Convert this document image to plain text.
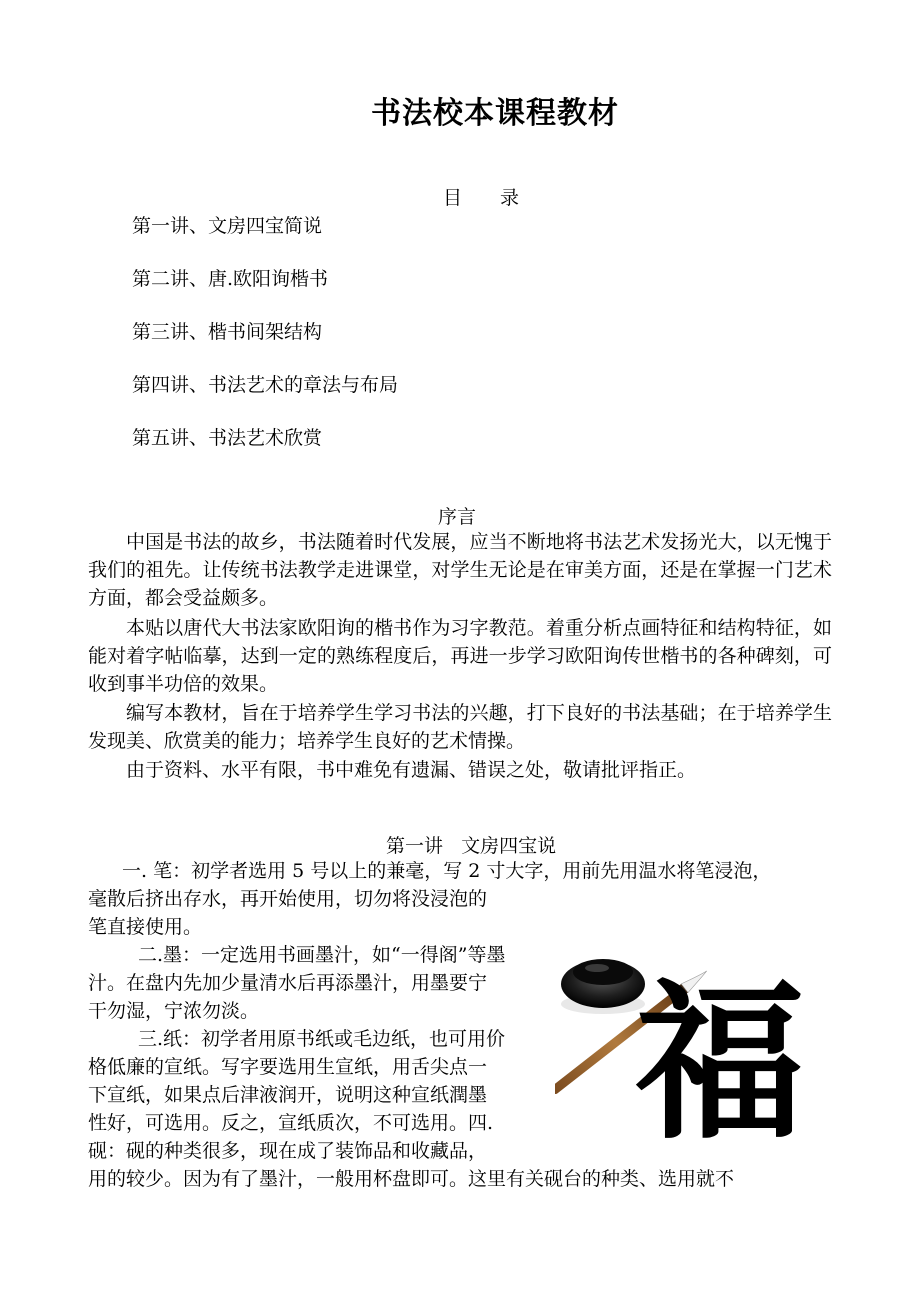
书法校本课程教材
目 录
第一讲、文房四宝简说
第二讲、唐.欧阳询楷书
第三讲、楷书间架结构
第四讲、书法艺术的章法与布局
第五讲、书法艺术欣赏
序言

中国是书法的故乡，书法随着时代发展，应当不断地将书法艺术发扬光大，以无愧于我们的祖先。让传统书法教学走进课堂，对学生无论是在审美方面，还是在掌握一门艺术方面，都会受益颇多。

本贴以唐代大书法家欧阳询的楷书作为习字教范。着重分析点画特征和结构特征，如能对着字帖临摹，达到一定的熟练程度后，再进一步学习欧阳询传世楷书的各种碑刻，可收到事半功倍的效果。

编写本教材，旨在于培养学生学习书法的兴趣，打下良好的书法基础；在于培养学生发现美、欣赏美的能力；培养学生良好的艺术情操。

由于资料、水平有限，书中难免有遗漏、错误之处，敬请批评指正。

第一讲   文房四宝说
一. 笔：初学者选用 5 号以上的兼毫，写 2 寸大字，用前先用温水将笔浸泡，
毫散后挤出存水，再开始使用，切勿将没浸泡的
笔直接使用。
二.墨：一定选用书画墨汁，如“一得阁”等墨
汁。在盘内先加少量清水后再添墨汁，用墨要宁
干勿湿，宁浓勿淡。
三.纸：初学者用原书纸或毛边纸，也可用价
格低廉的宣纸。写字要选用生宣纸，用舌尖点一
下宣纸，如果点后津液润开，说明这种宣纸潤墨
性好，可选用。反之，宣纸质次，不可选用。四.
砚：砚的种类很多，现在成了装饰品和收藏品，
用的较少。因为有了墨汁，一般用杯盘即可。这里有关砚台的种类、选用就不
福
